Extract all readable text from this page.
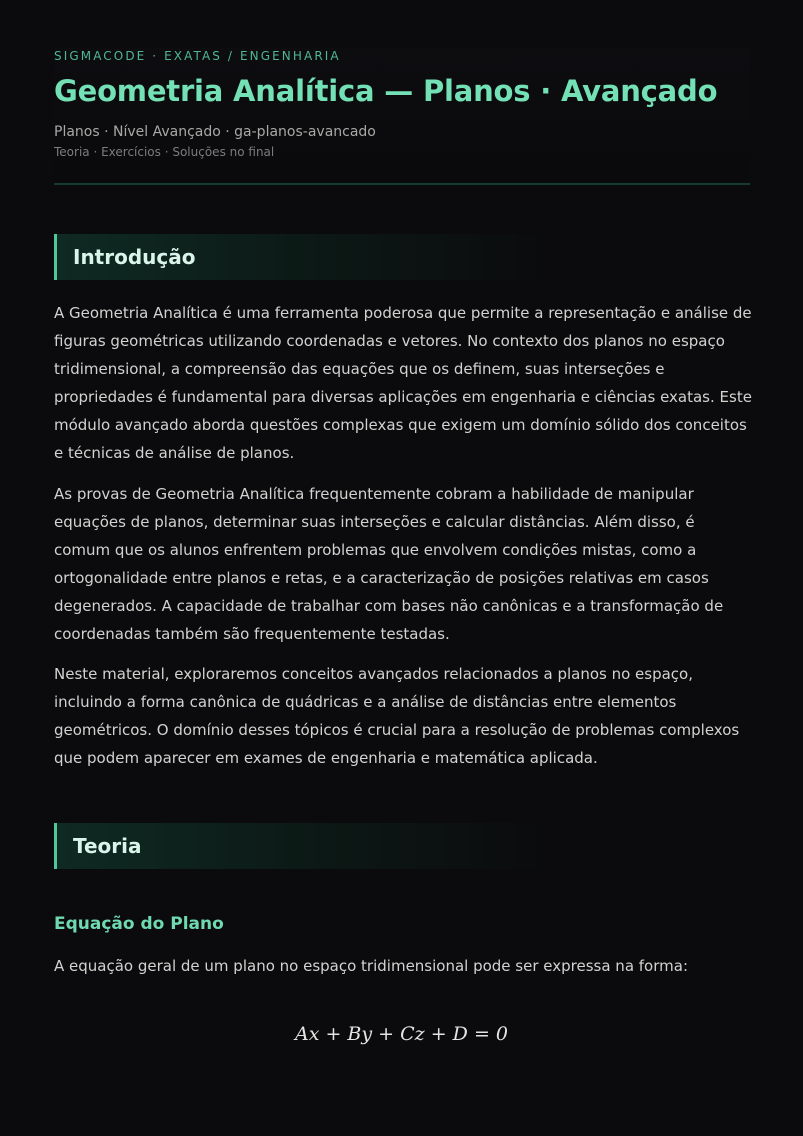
SIGMACODE · EXATAS / ENGENHARIA

Geometria Analítica — Planos · Avançado

Planos · Nível Avançado · ga-planos-avancado

Teoria · Exercícios · Soluções no final

Introdução

A Geometria Analítica é uma ferramenta poderosa que permite a representação e análise de figuras geométricas utilizando coordenadas e vetores. No contexto dos planos no espaço tridimensional, a compreensão das equações que os definem, suas interseções e propriedades é fundamental para diversas aplicações em engenharia e ciências exatas. Este módulo avançado aborda questões complexas que exigem um domínio sólido dos conceitos e técnicas de análise de planos.

As provas de Geometria Analítica frequentemente cobram a habilidade de manipular equações de planos, determinar suas interseções e calcular distâncias. Além disso, é comum que os alunos enfrentem problemas que envolvem condições mistas, como a ortogonalidade entre planos e retas, e a caracterização de posições relativas em casos degenerados. A capacidade de trabalhar com bases não canônicas e a transformação de coordenadas também são frequentemente testadas.

Neste material, exploraremos conceitos avançados relacionados a planos no espaço, incluindo a forma canônica de quádricas e a análise de distâncias entre elementos geométricos. O domínio desses tópicos é crucial para a resolução de problemas complexos que podem aparecer em exames de engenharia e matemática aplicada.

Teoria
Equação do Plano

A equação geral de um plano no espaço tridimensional pode ser expressa na forma:

Ax + By + Cz + D = 0
